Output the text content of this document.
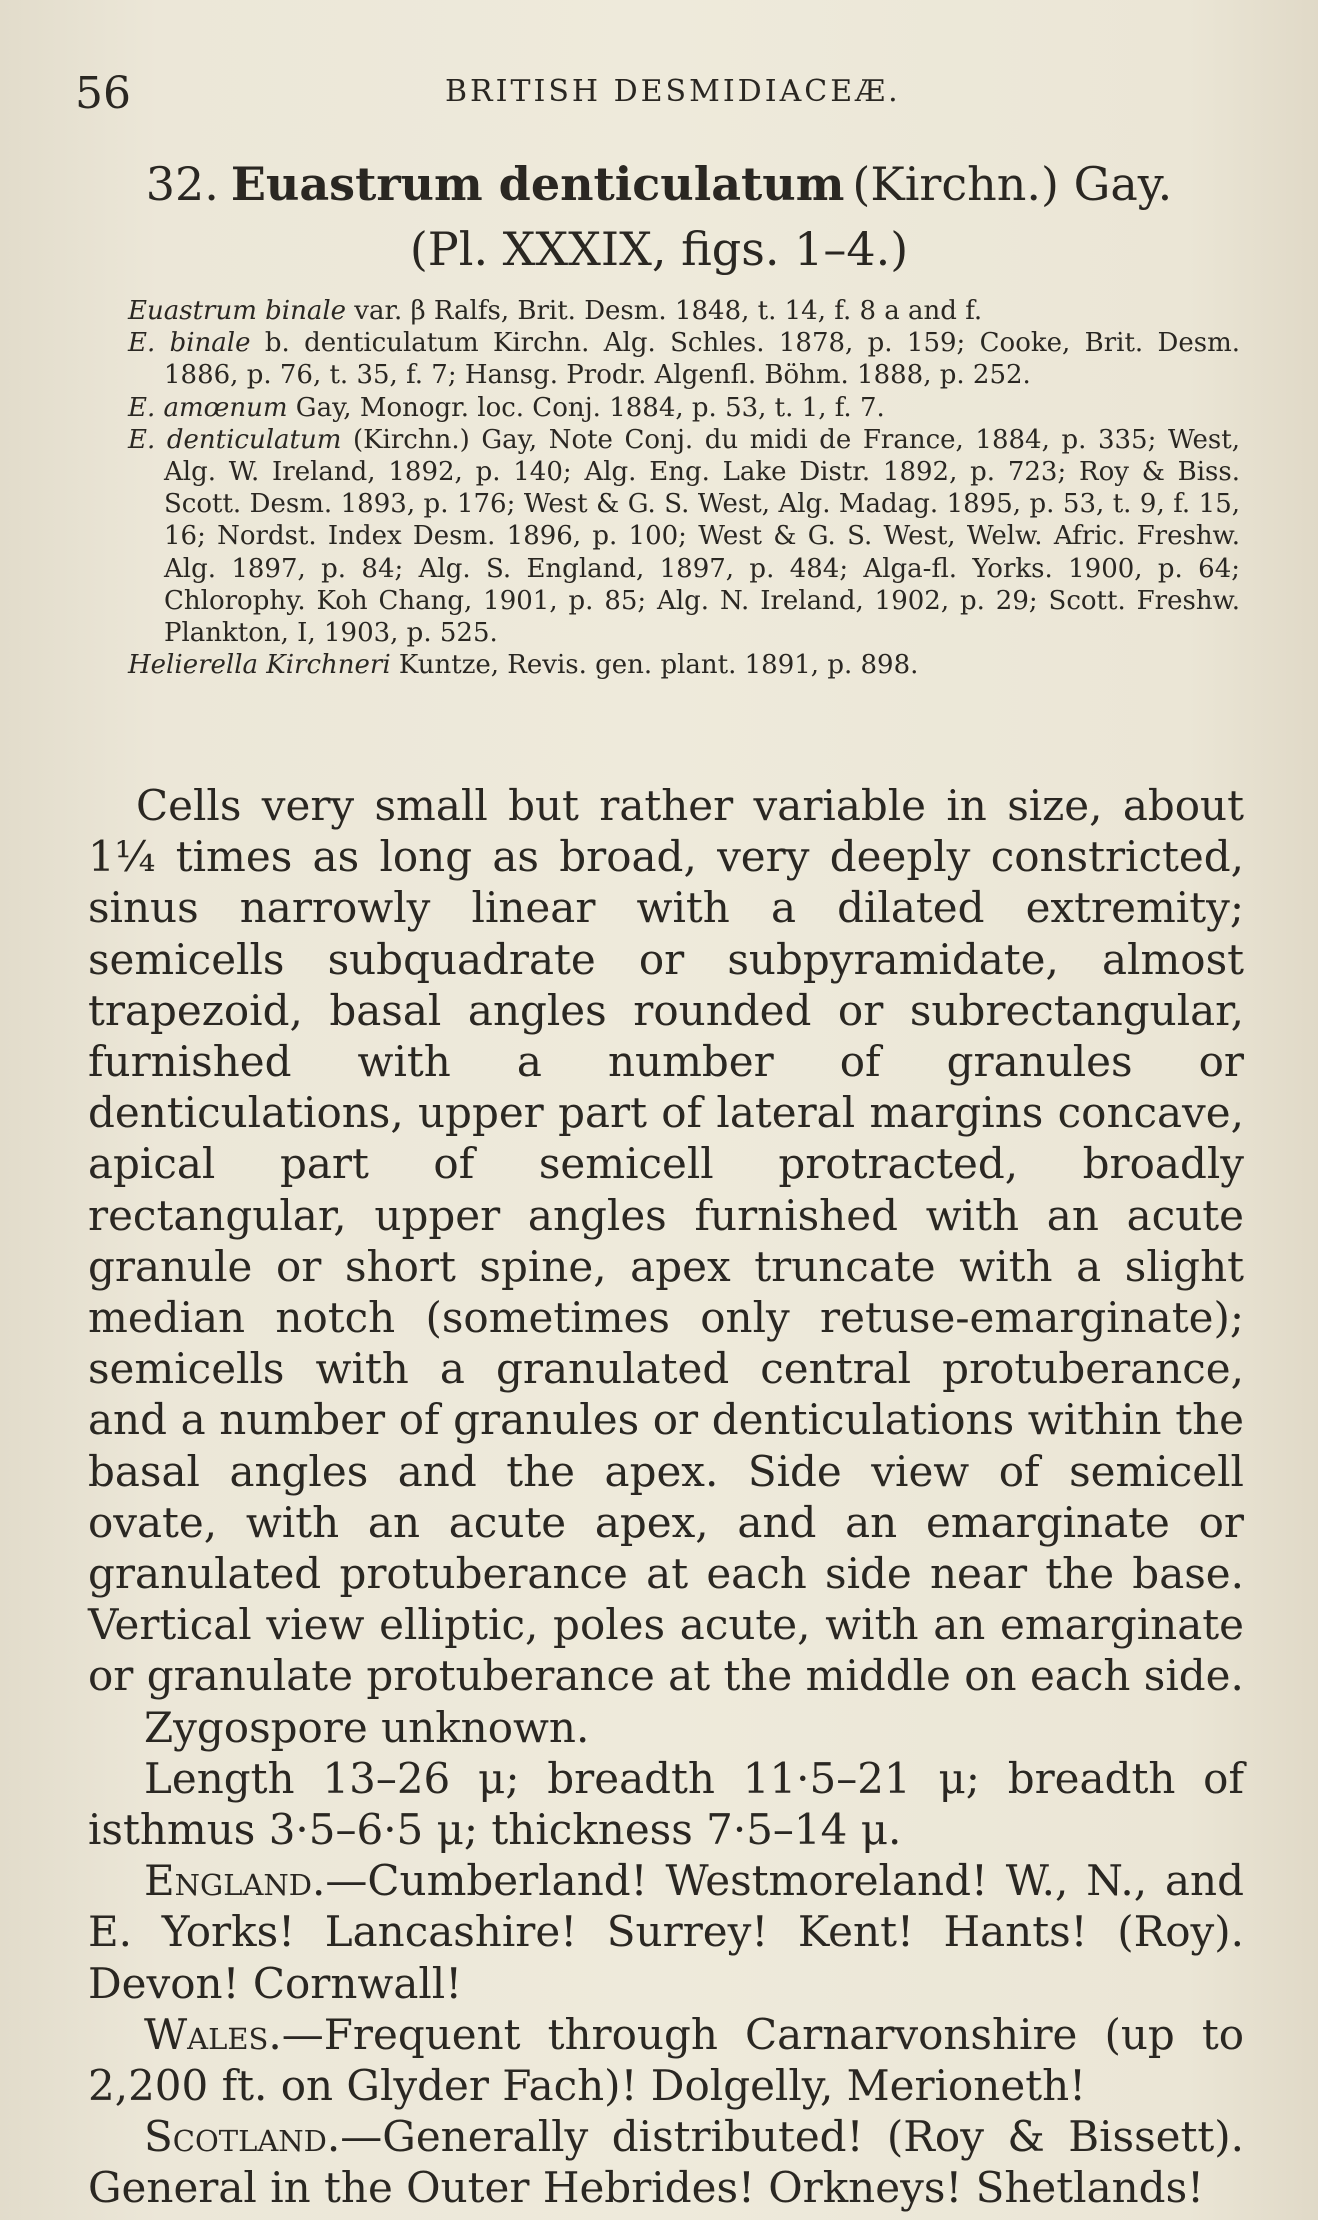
56	BRITISH DESMIDIACEÆ.
32. Euastrum denticulatum (Kirchn.) Gay.
(Pl. XXXIX, figs. 1–4.)

Euastrum binale var. β Ralfs, Brit. Desm. 1848, t. 14, f. 8 a and f.

E. binale b. denticulatum Kirchn. Alg. Schles. 1878, p. 159; Cooke, Brit. Desm. 1886, p. 76, t. 35, f. 7; Hansg. Prodr. Algenfl. Böhm. 1888, p. 252.

E. amœnum Gay, Monogr. loc. Conj. 1884, p. 53, t. 1, f. 7.

E. denticulatum (Kirchn.) Gay, Note Conj. du midi de France, 1884, p. 335; West, Alg. W. Ireland, 1892, p. 140; Alg. Eng. Lake Distr. 1892, p. 723; Roy & Biss. Scott. Desm. 1893, p. 176; West & G. S. West, Alg. Madag. 1895, p. 53, t. 9, f. 15, 16; Nordst. Index Desm. 1896, p. 100; West & G. S. West, Welw. Afric. Freshw. Alg. 1897, p. 84; Alg. S. England, 1897, p. 484; Alga-fl. Yorks. 1900, p. 64; Chlorophy. Koh Chang, 1901, p. 85; Alg. N. Ireland, 1902, p. 29; Scott. Freshw. Plankton, I, 1903, p. 525.

Helierella Kirchneri Kuntze, Revis. gen. plant. 1891, p. 898.

Cells very small but rather variable in size, about 1¼ times as long as broad, very deeply constricted, sinus narrowly linear with a dilated extremity; semicells subquadrate or subpyramidate, almost trapezoid, basal angles rounded or subrectangular, furnished with a number of granules or denticulations, upper part of lateral margins concave, apical part of semicell protracted, broadly rectangular, upper angles furnished with an acute granule or short spine, apex truncate with a slight median notch (sometimes only retuse-emarginate); semicells with a granulated central protuberance, and a number of granules or denticulations within the basal angles and the apex. Side view of semicell ovate, with an acute apex, and an emarginate or granulated protuberance at each side near the base. Vertical view elliptic, poles acute, with an emarginate or granulate protuberance at the middle on each side.

Zygospore unknown.

Length 13–26 μ; breadth 11·5–21 μ; breadth of isthmus 3·5–6·5 μ; thickness 7·5–14 μ.

England.—Cumberland! Westmoreland! W., N., and E. Yorks! Lancashire! Surrey! Kent! Hants! (Roy). Devon! Cornwall!

Wales.—Frequent through Carnarvonshire (up to 2,200 ft. on Glyder Fach)! Dolgelly, Merioneth!

Scotland.—Generally distributed! (Roy & Bissett). General in the Outer Hebrides! Orkneys! Shetlands!
